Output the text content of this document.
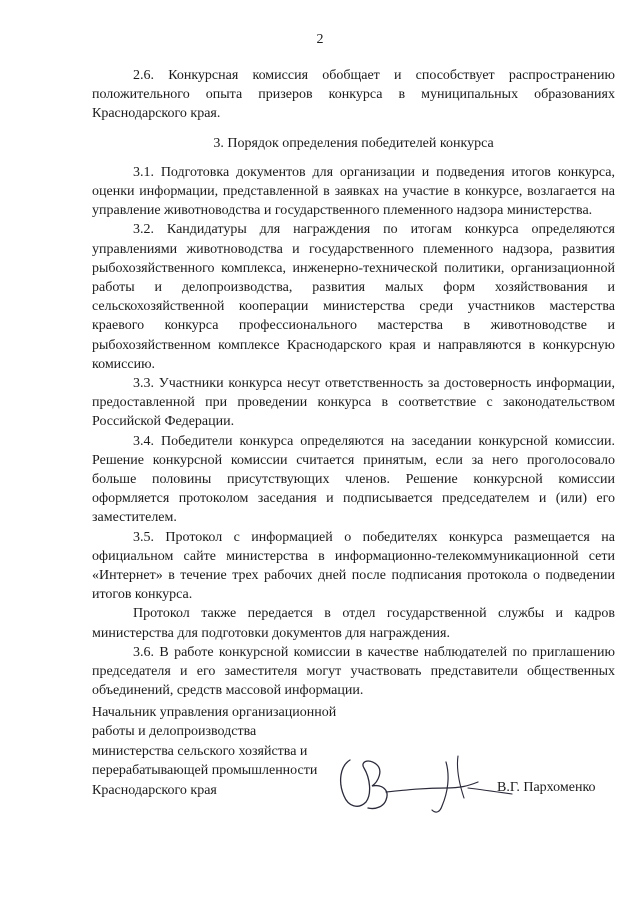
2

2.6. Конкурсная комиссия обобщает и способствует распространению положительного опыта призеров конкурса в муниципальных образованиях Краснодарского края.

3. Порядок определения победителей конкурса

3.1. Подготовка документов для организации и подведения итогов конкурса, оценки информации, представленной в заявках на участие в конкурсе, возлагается на управление животноводства и государственного племенного надзора министерства.

3.2. Кандидатуры для награждения по итогам конкурса определяются управлениями животноводства и государственного племенного надзора, развития рыбохозяйственного комплекса, инженерно-технической политики, организационной работы и делопроизводства, развития малых форм хозяйствования и сельскохозяйственной кооперации министерства среди участников мастерства краевого конкурса профессионального мастерства в животноводстве и рыбохозяйственном комплексе Краснодарского края и направляются в конкурсную комиссию.

3.3. Участники конкурса несут ответственность за достоверность информации, предоставленной при проведении конкурса в соответствие с законодательством Российской Федерации.

3.4. Победители конкурса определяются на заседании конкурсной комиссии. Решение конкурсной комиссии считается принятым, если за него проголосовало больше половины присутствующих членов. Решение конкурсной комиссии оформляется протоколом заседания и подписывается председателем и (или) его заместителем.

3.5. Протокол с информацией о победителях конкурса размещается на официальном сайте министерства в информационно-телекоммуникационной сети «Интернет» в течение трех рабочих дней после подписания протокола о подведении итогов конкурса.

Протокол также передается в отдел государственной службы и кадров министерства для подготовки документов для награждения.

3.6. В работе конкурсной комиссии в качестве наблюдателей по приглашению председателя и его заместителя могут участвовать представители общественных объединений, средств массовой информации.

Начальник управления организационной
работы и делопроизводства
министерства сельского хозяйства и
перерабатывающей промышленности
Краснодарского края	В.Г. Пархоменко
